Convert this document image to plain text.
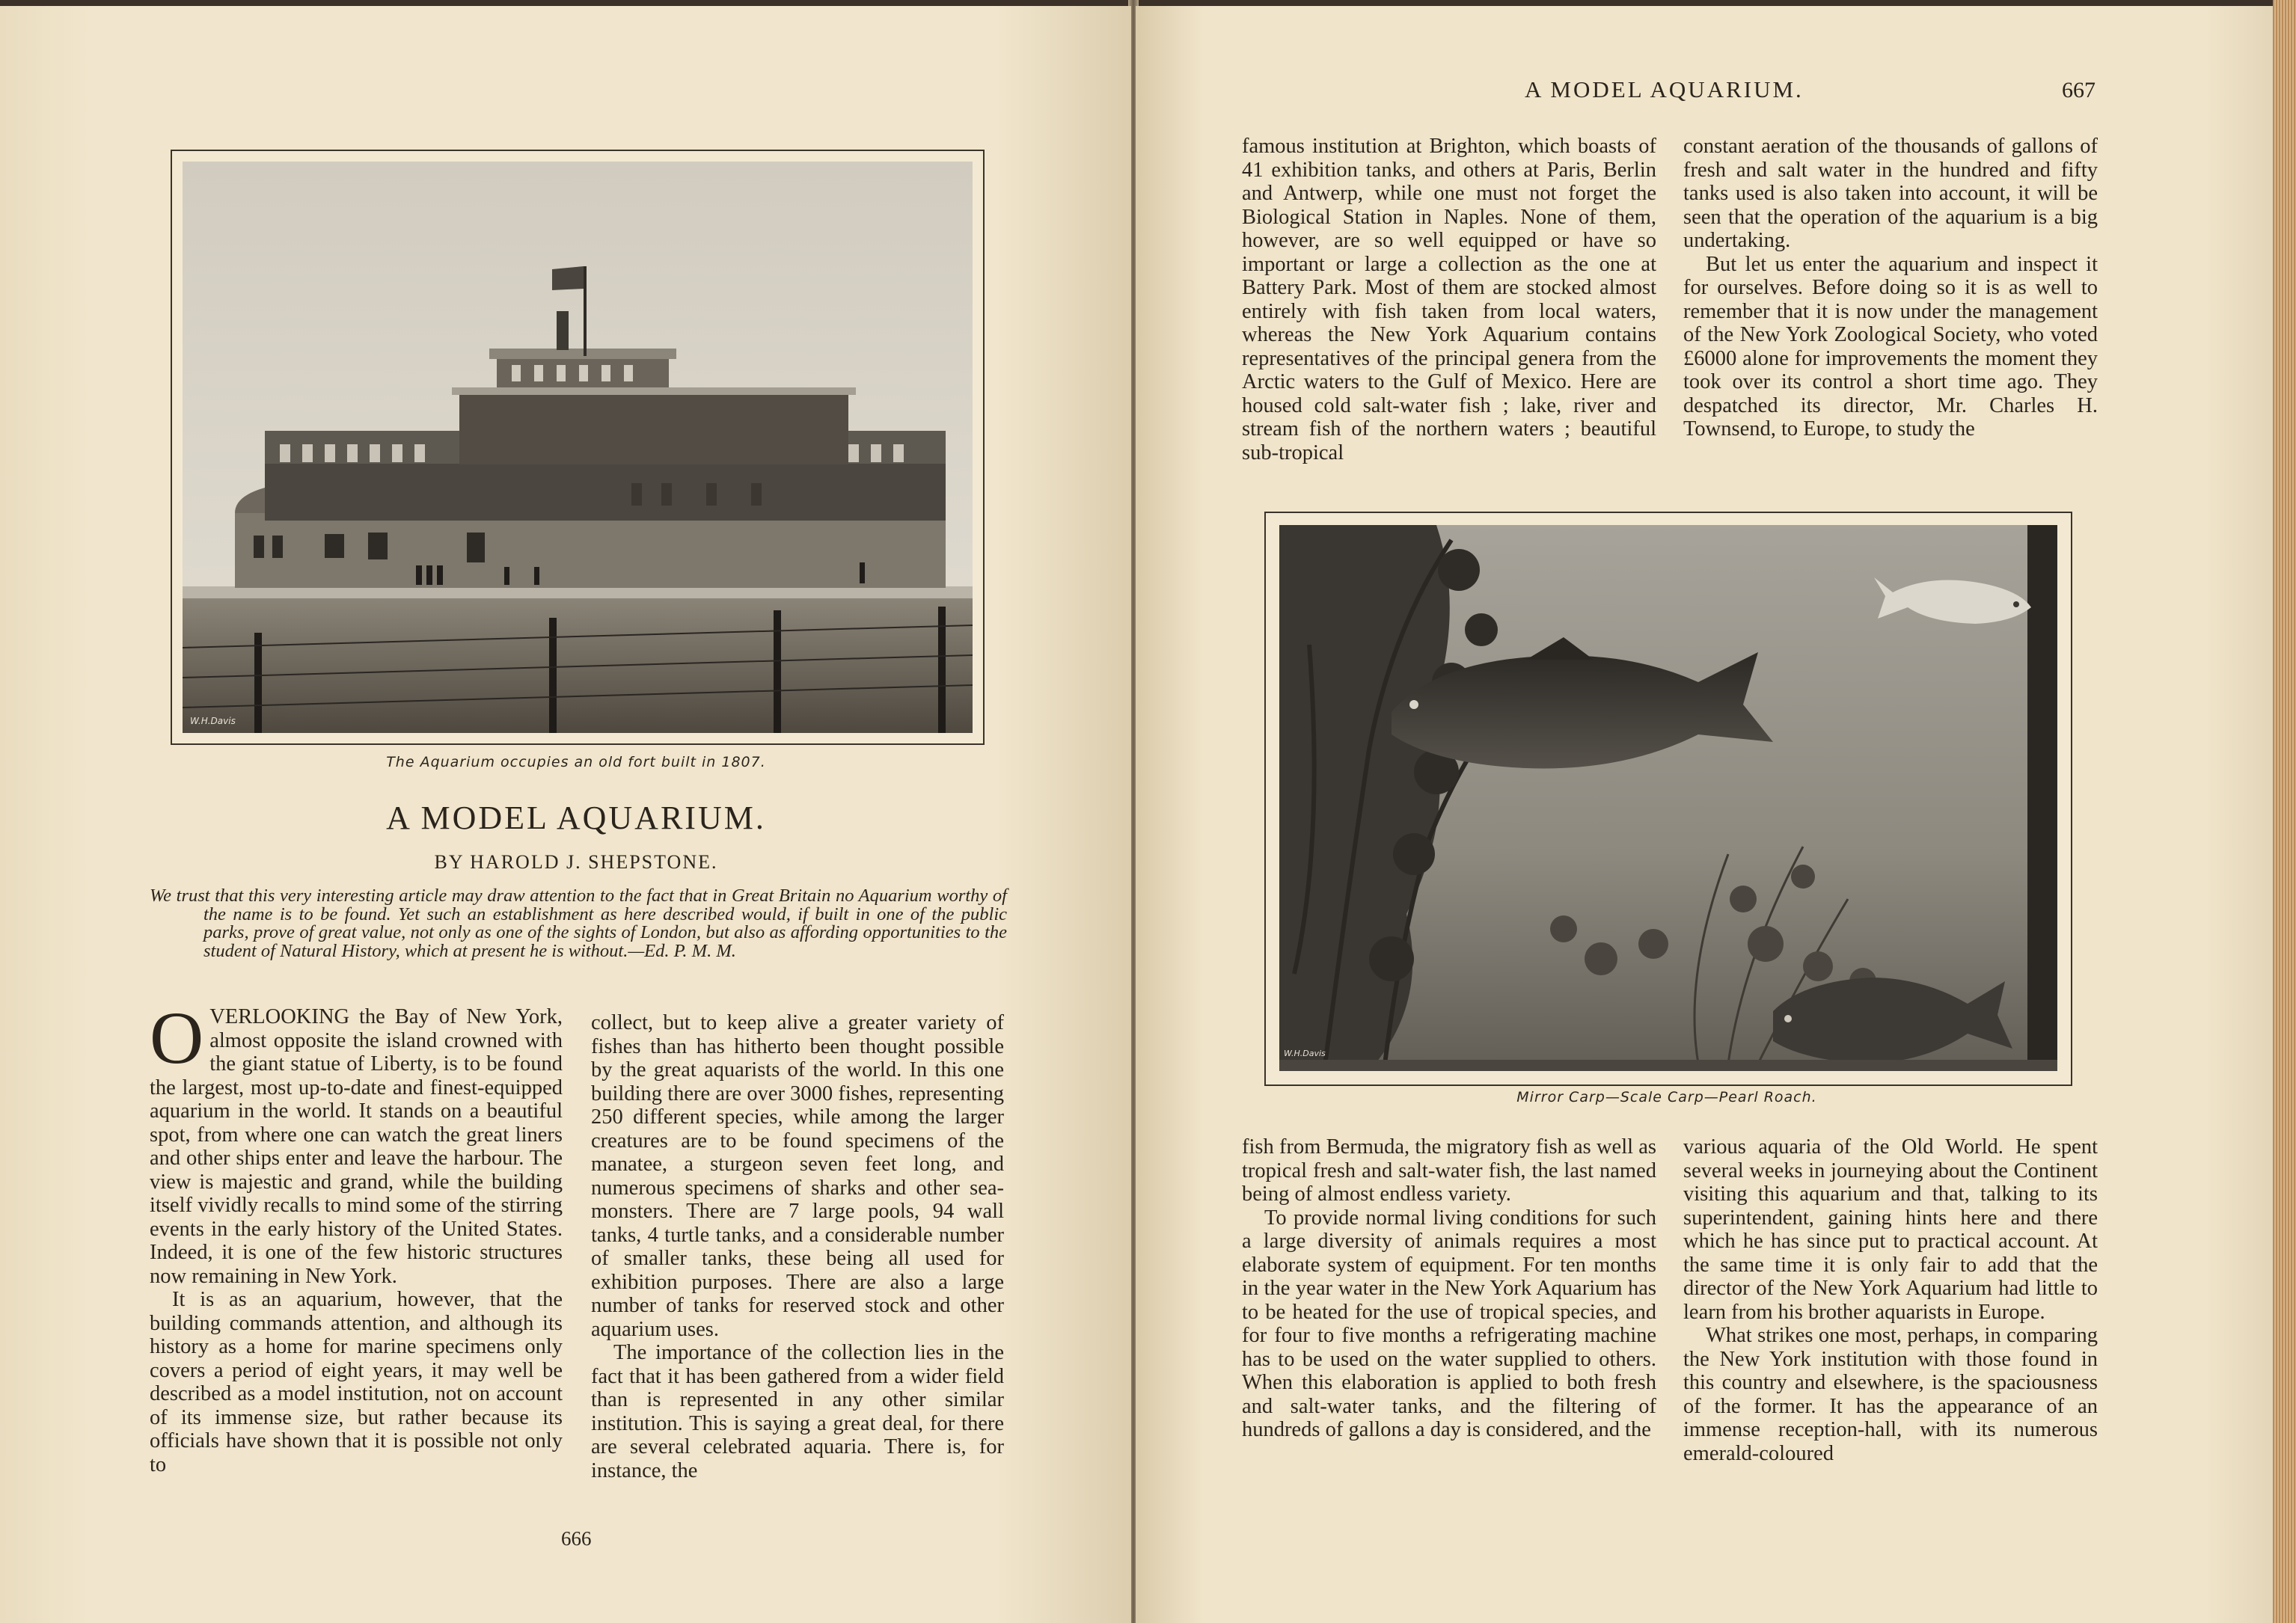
W.H.Davis
The Aquarium occupies an old fort built in 1807.
A MODEL AQUARIUM.
BY HAROLD J. SHEPSTONE.
We trust that this very interesting article may draw attention to the fact that in Great Britain no Aquarium worthy of the name is to be found. Yet such an establishment as here described would, if built in one of the public parks, prove of great value, not only as one of the sights of London, but also as affording opportunities to the student of Natural History, which at present he is without.—Ed. P. M. M.

OVERLOOKING the Bay of New York, almost opposite the island crowned with the giant statue of Liberty, is to be found the largest, most up-to-date and finest-equipped aquarium in the world. It stands on a beautiful spot, from where one can watch the great liners and other ships enter and leave the harbour. The view is majestic and grand, while the building itself vividly recalls to mind some of the stirring events in the early history of the United States. Indeed, it is one of the few historic structures now remaining in New York.

It is as an aquarium, however, that the building commands attention, and although its history as a home for marine specimens only covers a period of eight years, it may well be described as a model institution, not on account of its immense size, but rather because its officials have shown that it is possible not only to

collect, but to keep alive a greater variety of fishes than has hitherto been thought possible by the great aquarists of the world. In this one building there are over 3000 fishes, representing 250 different species, while among the larger creatures are to be found specimens of the manatee, a sturgeon seven feet long, and numerous specimens of sharks and other sea-monsters. There are 7 large pools, 94 wall tanks, 4 turtle tanks, and a considerable number of smaller tanks, these being all used for exhibition purposes. There are also a large number of tanks for reserved stock and other aquarium uses.

The importance of the collection lies in the fact that it has been gathered from a wider field than is represented in any other similar institution. This is saying a great deal, for there are several celebrated aquaria. There is, for instance, the

666
A MODEL AQUARIUM.	667

famous institution at Brighton, which boasts of 41 exhibition tanks, and others at Paris, Berlin and Antwerp, while one must not forget the Biological Station in Naples. None of them, however, are so well equipped or have so important or large a collection as the one at Battery Park. Most of them are stocked almost entirely with fish taken from local waters, whereas the New York Aquarium contains representatives of the principal genera from the Arctic waters to the Gulf of Mexico. Here are housed cold salt-water fish ; lake, river and stream fish of the northern waters ; beautiful sub-tropical

constant aeration of the thousands of gallons of fresh and salt water in the hundred and fifty tanks used is also taken into account, it will be seen that the operation of the aquarium is a big undertaking.

But let us enter the aquarium and inspect it for ourselves. Before doing so it is as well to remember that it is now under the management of the New York Zoological Society, who voted £6000 alone for improvements the moment they took over its control a short time ago. They despatched its director, Mr. Charles H. Townsend, to Europe, to study the

W.H.Davis
Mirror Carp—Scale Carp—Pearl Roach.

fish from Bermuda, the migratory fish as well as tropical fresh and salt-water fish, the last named being of almost endless variety.

To provide normal living conditions for such a large diversity of animals requires a most elaborate system of equipment. For ten months in the year water in the New York Aquarium has to be heated for the use of tropical species, and for four to five months a refrigerating machine has to be used on the water supplied to others. When this elaboration is applied to both fresh and salt-water tanks, and the filtering of hundreds of gallons a day is considered, and the

various aquaria of the Old World. He spent several weeks in journeying about the Continent visiting this aquarium and that, talking to its superintendent, gaining hints here and there which he has since put to practical account. At the same time it is only fair to add that the director of the New York Aquarium had little to learn from his brother aquarists in Europe.

What strikes one most, perhaps, in comparing the New York institution with those found in this country and elsewhere, is the spaciousness of the former. It has the appearance of an immense reception-hall, with its numerous emerald-coloured
